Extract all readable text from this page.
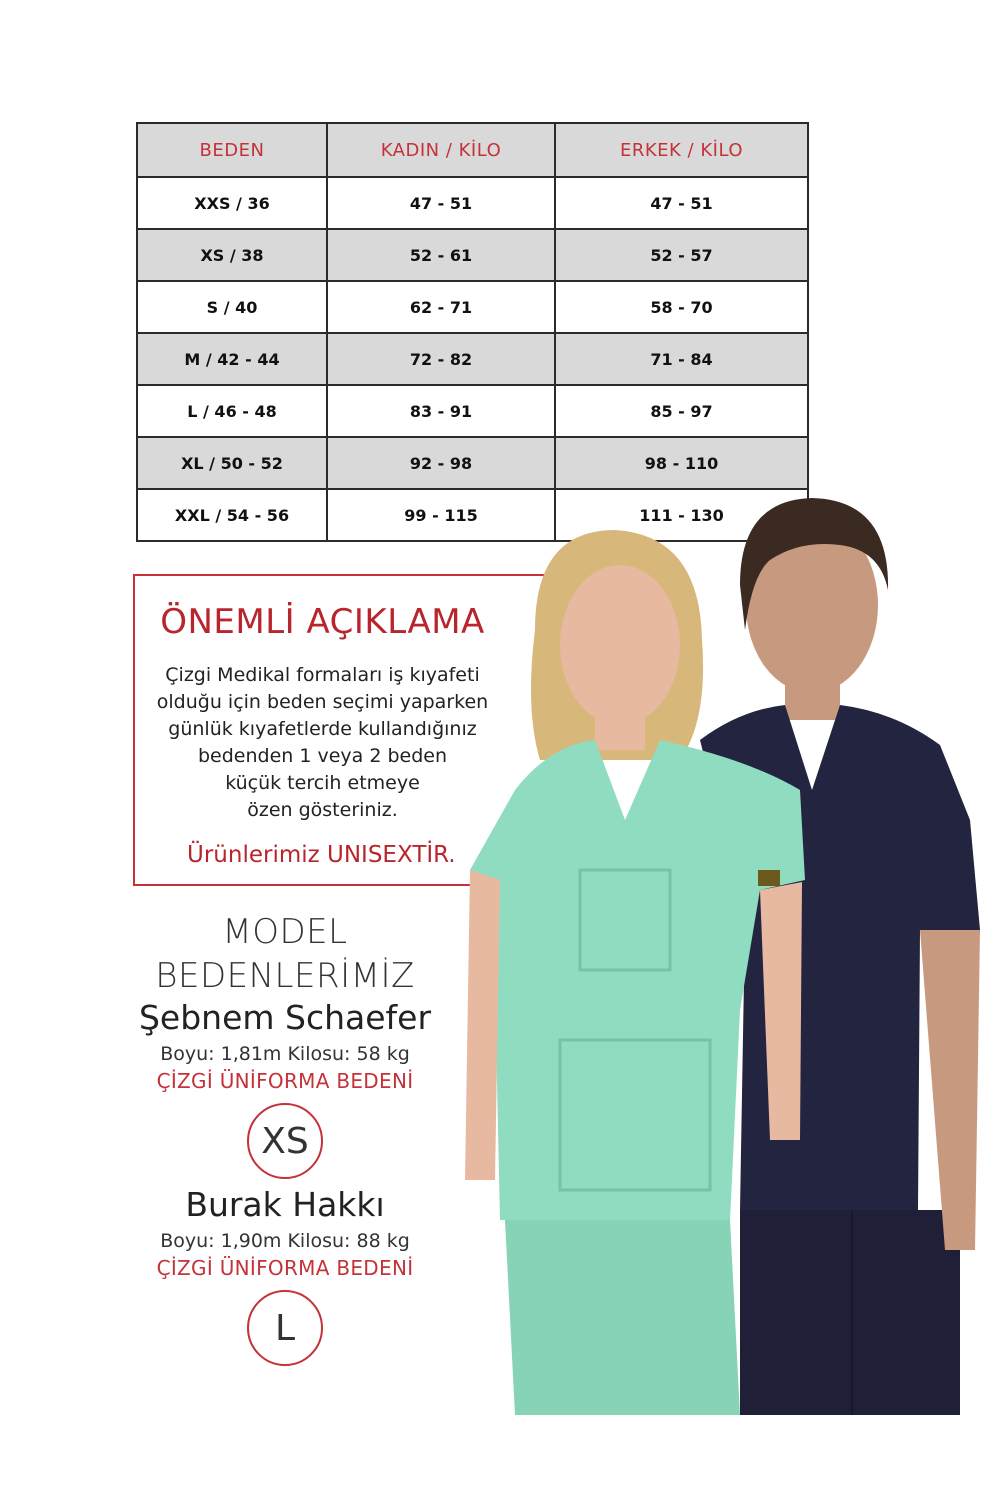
BEDEN	KADIN / KİLO	ERKEK / KİLO
XXS / 36	47 - 51	47 - 51
XS / 38	52 - 61	52 - 57
S / 40	62 - 71	58 - 70
M / 42 - 44	72 - 82	71 - 84
L / 46 - 48	83 - 91	85 - 97
XL / 50 - 52	92 - 98	98 - 110
XXL / 54 - 56	99 - 115	111 - 130
ÖNEMLİ AÇIKLAMA
Çizgi Medikal formaları iş kıyafeti
olduğu için beden seçimi yaparken
günlük kıyafetlerde kullandığınız
bedenden 1 veya 2 beden
küçük tercih etmeye
özen gösteriniz.
Ürünlerimiz UNISEXTİR.
MODEL
BEDENLERİMİZ
Şebnem Schaefer
Boyu: 1,81m Kilosu: 58 kg
ÇİZGİ ÜNİFORMA BEDENİ
XS
Burak Hakkı
Boyu: 1,90m Kilosu: 88 kg
ÇİZGİ ÜNİFORMA BEDENİ
L
